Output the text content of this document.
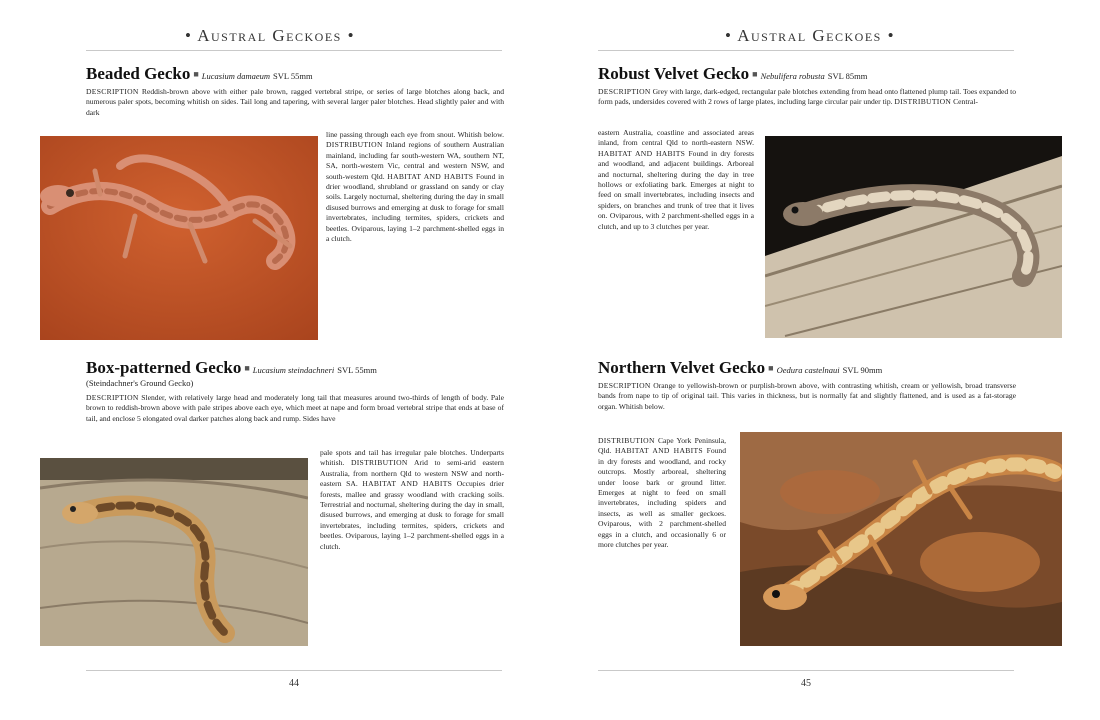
• Austral Geckoes •
Beaded Gecko ■ Lucasium damaeum SVL 55mm
DESCRIPTION Reddish-brown above with either pale brown, ragged vertebral stripe, or series of large blotches along back, and numerous paler spots, becoming whitish on sides. Tail long and tapering, with several larger paler blotches. Head slightly paler and with dark
line passing through each eye from snout. Whitish below. DISTRIBUTION Inland regions of southern Australian mainland, including far south-western WA, southern NT, SA, north-western Vic, central and western NSW, and south-western Qld. HABITAT AND HABITS Found in drier woodland, shrubland or grassland on sandy or clay soils. Largely nocturnal, sheltering during the day in small disused burrows and emerging at dusk to forage for small invertebrates, including termites, spiders, crickets and beetles. Oviparous, laying 1–2 parchment-shelled eggs in a clutch.
Box-patterned Gecko ■ Lucasium steindachneri SVL 55mm
(Steindachner's Ground Gecko)
DESCRIPTION Slender, with relatively large head and moderately long tail that measures around two-thirds of length of body. Pale brown to reddish-brown above with pale stripes above each eye, which meet at nape and form broad vertebral stripe that ends at base of tail, and enclose 5 elongated oval darker patches along back and rump. Sides have
pale spots and tail has irregular pale blotches. Underparts whitish. DISTRIBUTION Arid to semi-arid eastern Australia, from northern Qld to western NSW and north-eastern SA. HABITAT AND HABITS Occupies drier forests, mallee and grassy woodland with cracking soils. Terrestrial and nocturnal, sheltering during the day in small, disused burrows, and emerging at dusk to forage for small invertebrates, including termites, spiders, crickets and beetles. Oviparous, laying 1–2 parchment-shelled eggs in a clutch.
44
• Austral Geckoes •
Robust Velvet Gecko ■ Nebulifera robusta SVL 85mm
DESCRIPTION Grey with large, dark-edged, rectangular pale blotches extending from head onto flattened plump tail. Toes expanded to form pads, undersides covered with 2 rows of large plates, including large circular pair under tip. DISTRIBUTION Central-
eastern Australia, coastline and associated areas inland, from central Qld to north-eastern NSW. HABITAT AND HABITS Found in dry forests and woodland, and adjacent buildings. Arboreal and nocturnal, sheltering during the day in tree hollows or exfoliating bark. Emerges at night to feed on small invertebrates, including insects and spiders, on branches and trunk of tree that it lives on. Oviparous, with 2 parchment-shelled eggs in a clutch, and up to 3 clutches per year.
Northern Velvet Gecko ■ Oedura castelnaui SVL 90mm
DESCRIPTION Orange to yellowish-brown or purplish-brown above, with contrasting whitish, cream or yellowish, broad transverse bands from nape to tip of original tail. This varies in thickness, but is normally fat and slightly flattened, and is used as a fat-storage organ. Whitish below.
DISTRIBUTION Cape York Peninsula, Qld. HABITAT AND HABITS Found in dry forests and woodland, and rocky outcrops. Mostly arboreal, sheltering under loose bark or ground litter. Emerges at night to feed on small invertebrates, including spiders and insects, as well as smaller geckoes. Oviparous, with 2 parchment-shelled eggs in a clutch, and occasionally 6 or more clutches per year.
45
